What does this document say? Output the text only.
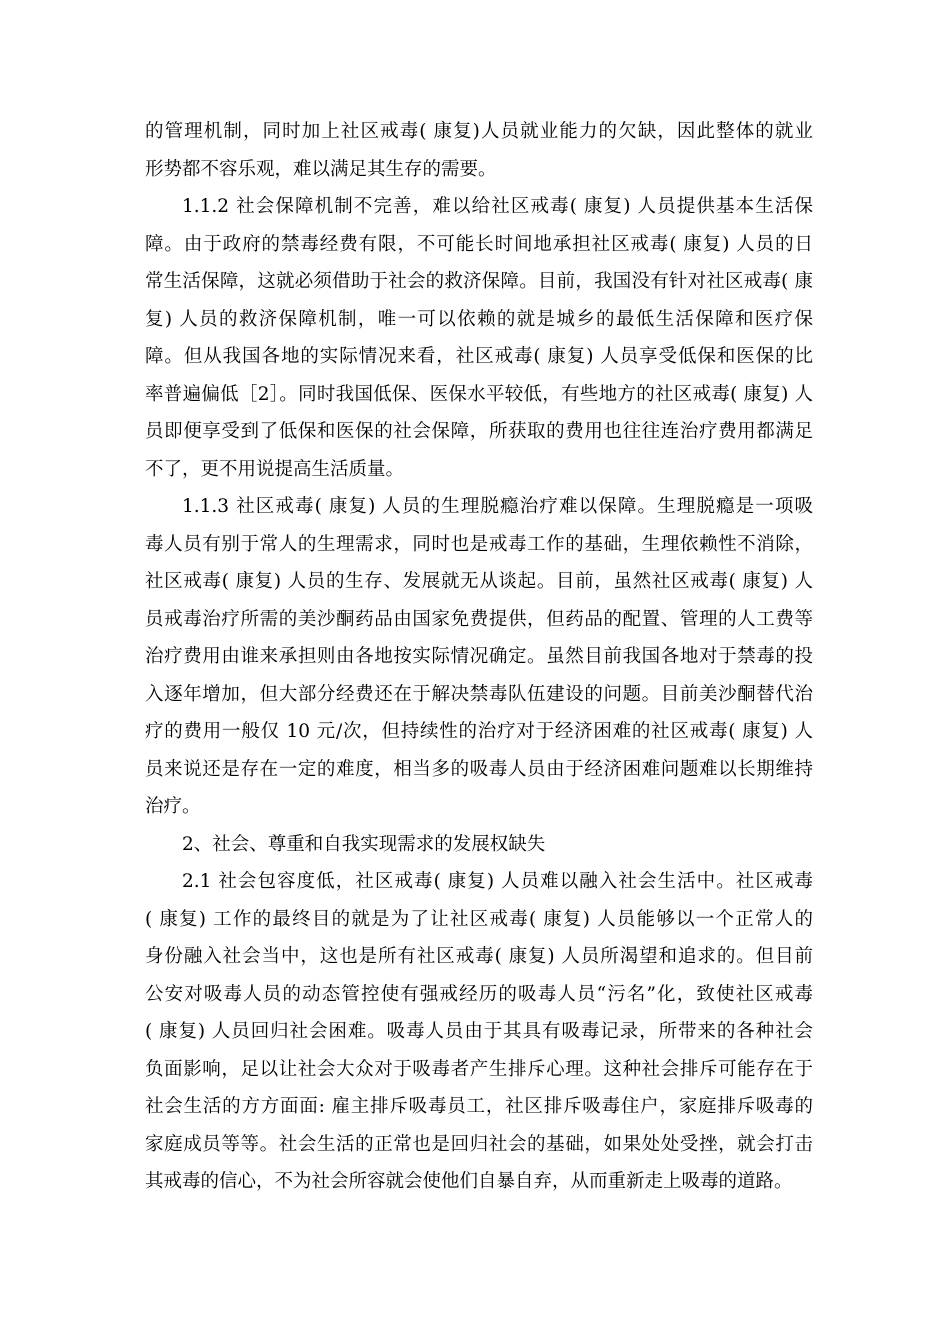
的管理机制，同时加上社区戒毒( 康复)人员就业能力的欠缺，因此整体的就业
形势都不容乐观，难以满足其生存的需要。
1.1.2 社会保障机制不完善，难以给社区戒毒( 康复) 人员提供基本生活保
障。由于政府的禁毒经费有限，不可能长时间地承担社区戒毒( 康复) 人员的日
常生活保障，这就必须借助于社会的救济保障。目前，我国没有针对社区戒毒( 康
复) 人员的救济保障机制，唯一可以依赖的就是城乡的最低生活保障和医疗保
障。但从我国各地的实际情况来看，社区戒毒( 康复) 人员享受低保和医保的比
率普遍偏低［2］。同时我国低保、医保水平较低，有些地方的社区戒毒( 康复) 人
员即便享受到了低保和医保的社会保障，所获取的费用也往往连治疗费用都满足
不了，更不用说提高生活质量。
1.1.3 社区戒毒( 康复) 人员的生理脱瘾治疗难以保障。生理脱瘾是一项吸
毒人员有别于常人的生理需求，同时也是戒毒工作的基础，生理依赖性不消除，
社区戒毒( 康复) 人员的生存、发展就无从谈起。目前，虽然社区戒毒( 康复) 人
员戒毒治疗所需的美沙酮药品由国家免费提供，但药品的配置、管理的人工费等
治疗费用由谁来承担则由各地按实际情况确定。虽然目前我国各地对于禁毒的投
入逐年增加，但大部分经费还在于解决禁毒队伍建设的问题。目前美沙酮替代治
疗的费用一般仅 10 元/次，但持续性的治疗对于经济困难的社区戒毒( 康复) 人
员来说还是存在一定的难度，相当多的吸毒人员由于经济困难问题难以长期维持
治疗。
2、社会、尊重和自我实现需求的发展权缺失
2.1 社会包容度低，社区戒毒( 康复) 人员难以融入社会生活中。社区戒毒
( 康复) 工作的最终目的就是为了让社区戒毒( 康复) 人员能够以一个正常人的
身份融入社会当中，这也是所有社区戒毒( 康复) 人员所渴望和追求的。但目前
公安对吸毒人员的动态管控使有强戒经历的吸毒人员“污名”化，致使社区戒毒
( 康复) 人员回归社会困难。吸毒人员由于其具有吸毒记录，所带来的各种社会
负面影响，足以让社会大众对于吸毒者产生排斥心理。这种社会排斥可能存在于
社会生活的方方面面: 雇主排斥吸毒员工，社区排斥吸毒住户，家庭排斥吸毒的
家庭成员等等。社会生活的正常也是回归社会的基础，如果处处受挫，就会打击
其戒毒的信心，不为社会所容就会使他们自暴自弃，从而重新走上吸毒的道路。
